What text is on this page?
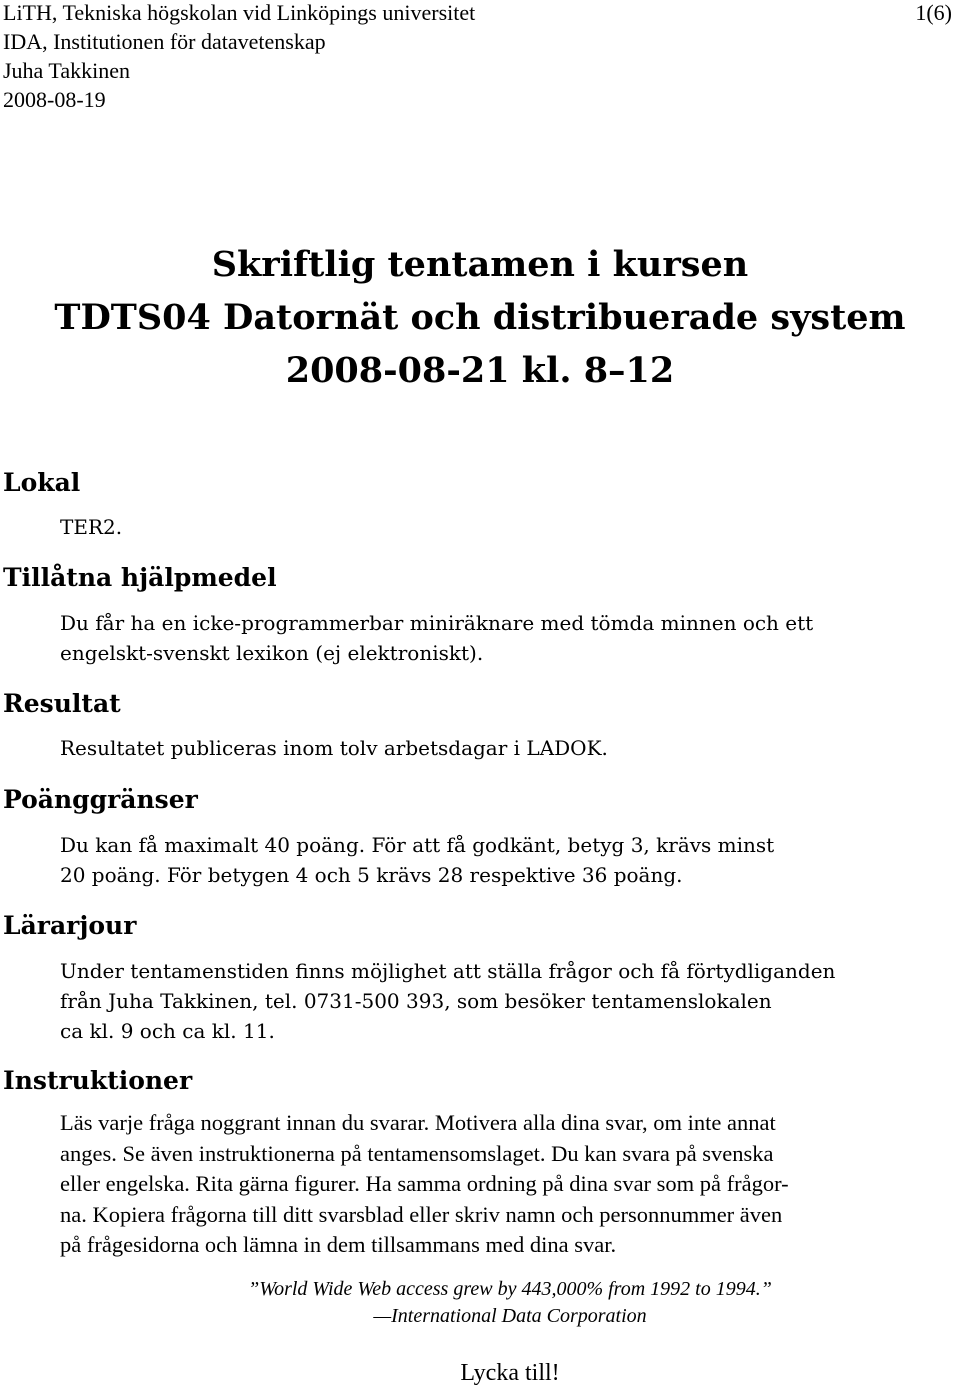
LiTH, Tekniska högskolan vid Linköpings universitet
IDA, Institutionen för datavetenskap
Juha Takkinen
2008-08-19
1(6)
Skriftlig tentamen i kursen
TDTS04 Datornät och distribuerade system
2008-08-21 kl. 8–12
Lokal
TER2.
Tillåtna hjälpmedel
Du får ha en icke-programmerbar miniräknare med tömda minnen och ett
engelskt-svenskt lexikon (ej elektroniskt).
Resultat
Resultatet publiceras inom tolv arbetsdagar i LADOK.
Poänggränser
Du kan få maximalt 40 poäng. För att få godkänt, betyg 3, krävs minst
20 poäng. För betygen 4 och 5 krävs 28 respektive 36 poäng.
Lärarjour
Under tentamenstiden finns möjlighet att ställa frågor och få förtydliganden
från Juha Takkinen, tel. 0731-500 393, som besöker tentamenslokalen
ca kl. 9 och ca kl. 11.
Instruktioner
Läs varje fråga noggrant innan du svarar. Motivera alla dina svar, om inte annat
anges. Se även instruktionerna på tentamensomslaget. Du kan svara på svenska
eller engelska. Rita gärna figurer. Ha samma ordning på dina svar som på frågor-
na. Kopiera frågorna till ditt svarsblad eller skriv namn och personnummer även
på frågesidorna och lämna in dem tillsammans med dina svar.
”World Wide Web access grew by 443,000% from 1992 to 1994.”
—International Data Corporation
Lycka till!
